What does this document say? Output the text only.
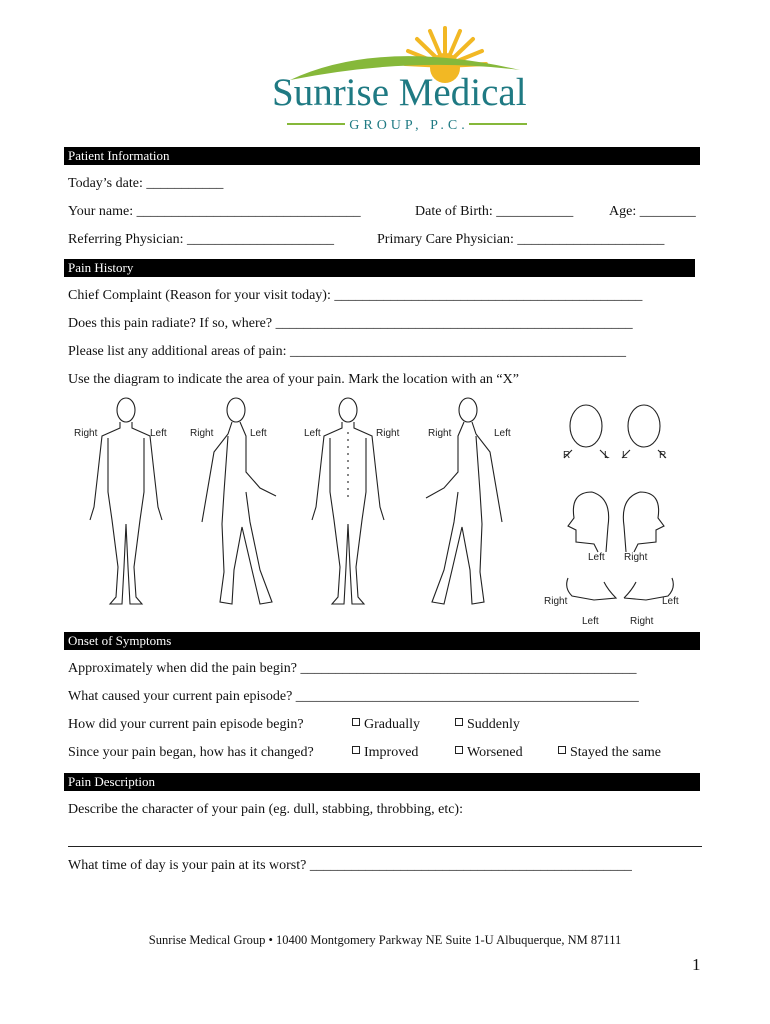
Sunrise Medical
GROUP, P.C.
Patient Information
Today’s date: ___________
Your name: ________________________________	Date of Birth: ___________	Age: ________
Referring Physician: _____________________	Primary Care Physician: _____________________
Pain History
Chief Complaint (Reason for your visit today): ____________________________________________
Does this pain radiate? If so, where? ___________________________________________________
Please list any additional areas of pain: ________________________________________________
Use the diagram to indicate the area of your pain. Mark the location with an “X”
Right	Left Right	Left	Left	Right	Right	Left
R	L L	R
Left Right
Right	Left
Left	Right
Onset of Symptoms
Approximately when did the pain begin? ________________________________________________
What caused your current pain episode? _________________________________________________
How did your current pain episode begin?	Gradually	Suddenly
Since your pain began, how has it changed?	Improved	Worsened	Stayed the same
Pain Description
Describe the character of your pain (eg. dull, stabbing, throbbing, etc):
What time of day is your pain at its worst? ______________________________________________
Sunrise Medical Group • 10400 Montgomery Parkway NE Suite 1-U Albuquerque, NM 87111
1
